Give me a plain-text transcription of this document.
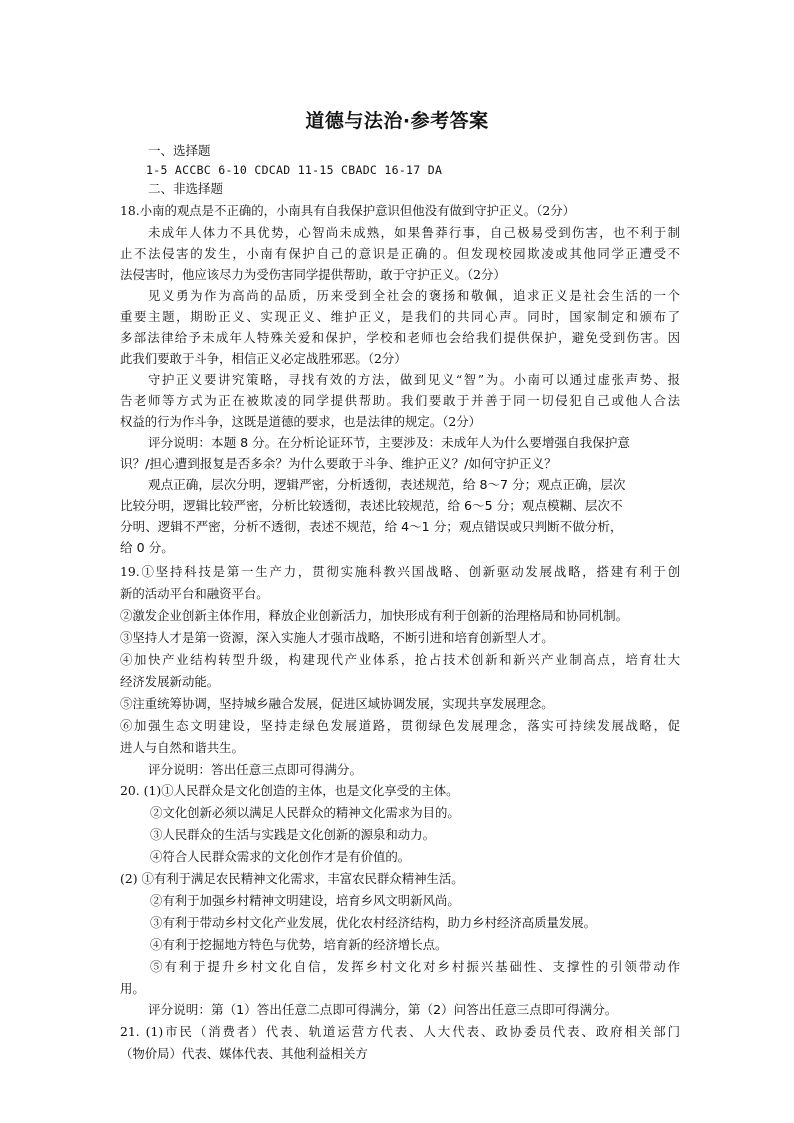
道德与法治·参考答案
一、选择题
1-5 ACCBC 6-10 CDCAD 11-15 CBADC 16-17 DA
二、非选择题
18.小南的观点是不正确的，小南具有自我保护意识但他没有做到守护正义。（2分）
未成年人体力不具优势，心智尚未成熟，如果鲁莽行事，自己极易受到伤害，也不利于制
止不法侵害的发生，小南有保护自己的意识是正确的。但发现校园欺凌或其他同学正遭受不
法侵害时，他应该尽力为受伤害同学提供帮助，敢于守护正义。（2分）
见义勇为作为高尚的品质，历来受到全社会的褒扬和敬佩，追求正义是社会生活的一个
重要主题，期盼正义、实现正义、维护正义，是我们的共同心声。同时，国家制定和颁布了
多部法律给予未成年人特殊关爱和保护，学校和老师也会给我们提供保护，避免受到伤害。因
此我们要敢于斗争，相信正义必定战胜邪恶。（2分）
守护正义要讲究策略，寻找有效的方法，做到见义“智”为。小南可以通过虚张声势、报
告老师等方式为正在被欺凌的同学提供帮助。我们要敢于并善于同一切侵犯自己或他人合法
权益的行为作斗争，这既是道德的要求，也是法律的规定。（2分）
评分说明：本题 8 分。在分析论证环节，主要涉及：未成年人为什么要增强自我保护意
识？/担心遭到报复是否多余？为什么要敢于斗争、维护正义？/如何守护正义？
观点正确，层次分明，逻辑严密，分析透彻，表述规范，给 8～7 分；观点正确，层次
比较分明，逻辑比较严密，分析比较透彻，表述比较规范，给 6～5 分；观点模糊、层次不
分明、逻辑不严密，分析不透彻，表述不规范，给 4～1 分；观点错误或只判断不做分析，
给 0 分。
19.①坚持科技是第一生产力，贯彻实施科教兴国战略、创新驱动发展战略，搭建有利于创
新的活动平台和融资平台。
②激发企业创新主体作用，释放企业创新活力，加快形成有利于创新的治理格局和协同机制。
③坚持人才是第一资源，深入实施人才强市战略，不断引进和培育创新型人才。
④加快产业结构转型升级，构建现代产业体系，抢占技术创新和新兴产业制高点，培育壮大
经济发展新动能。
⑤注重统筹协调，坚持城乡融合发展，促进区域协调发展，实现共享发展理念。
⑥加强生态文明建设，坚持走绿色发展道路，贯彻绿色发展理念，落实可持续发展战略，促
进人与自然和谐共生。
评分说明：答出任意三点即可得满分。
20. (1)①人民群众是文化创造的主体，也是文化享受的主体。
②文化创新必须以满足人民群众的精神文化需求为目的。
③人民群众的生活与实践是文化创新的源泉和动力。
④符合人民群众需求的文化创作才是有价值的。
(2) ①有利于满足农民精神文化需求，丰富农民群众精神生活。
②有利于加强乡村精神文明建设，培育乡风文明新风尚。
③有利于带动乡村文化产业发展，优化农村经济结构，助力乡村经济高质量发展。
④有利于挖掘地方特色与优势，培育新的经济增长点。
⑤有利于提升乡村文化自信，发挥乡村文化对乡村振兴基础性、支撑性的引领带动作
用。
评分说明：第（1）答出任意二点即可得满分，第（2）问答出任意三点即可得满分。
21. (1)市民（消费者）代表、轨道运营方代表、人大代表、政协委员代表、政府相关部门
（物价局）代表、媒体代表、其他利益相关方
